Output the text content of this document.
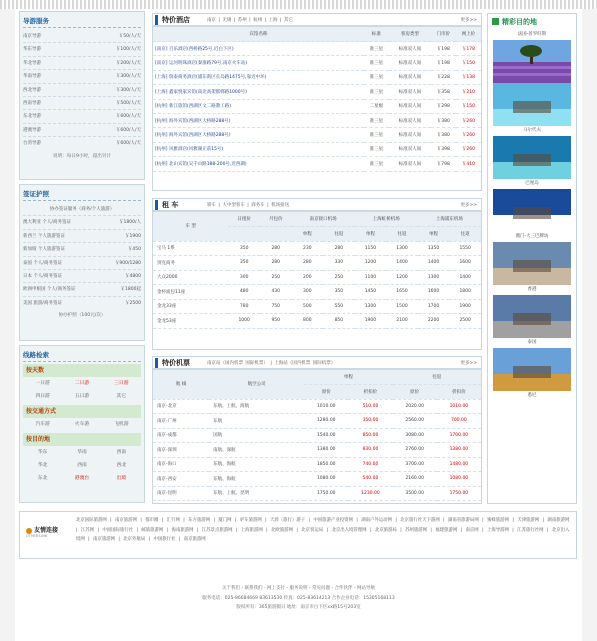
导游服务
南京导游	￥50/人/天
华东导游	￥100/人/天
华北导游	￥200/人/天
华南导游	￥300/人/天
西北导游	￥300/人/天
西南导游	￥500/人/天
东北导游	￥600/人/天
港澳导游	￥600/人/天
台湾导游	￥600/人/天
说明：每日9小时，超出另计
签证护照
协办签证服务（商务/个人旅游）
澳大利亚 个人/商务签证	￥1800/人
新西兰 个人旅游签证	￥1900
新加坡 个人旅游签证	￥450
泰国 个人/商务签证	￥900/1280
日本 个人/商务签证	￥4800
欧洲申根国 个人/商务签证	￥1800起
美国 旅游/商务签证	￥2500
协办护照（100元/次）
线路检索
按天数
一日游	二日游	三日游
四日游	五日游	其它
按交通方式
汽车游	火车游	飞机游
按目的地
华东	华南	西南
华北	西南	西北
东北	港澳台	出境
特价酒店	南京 | 无锡 | 苏州 | 杭州 | 上海 | 其它	更多>>
宾馆名称	标准	客房类型	门市价	网上价
[南京] 百乐酒店(西桥路25号,近白下区)	准三星	标准双人间	￥198	￥178
[南京] 运河明珠酒店(秦淮路79号,南京火车站)	准三星	标准双人间	￥198	￥150
[上海] 瑞泰商务酒店(浦东新区长岛路1475号,靠近中环)	准三星	标准双人间	￥228	￥138
[上海] 鑫家悦家宾馆(南北高架邯郸路1000号)	准三星	标准双人间	￥358	￥210
[杭州] 新江旅馆(西湖区文二路教工路)	二星级	标准双人间	￥298	￥150
[杭州] 海外宾馆(西湖区大桥路288号)	准三星	标准双人间	￥380	￥260
[杭州] 海外宾馆(西湖区大桥路288号)	准三星	标准双人间	￥380	￥260
[杭州] 风雅酒店(风雅湖正前15号)	准三星	标准双人间	￥398	￥260
[杭州] 北山宾馆(吴千山路188-200号,近西湖)	准三星	标准双人间	￥798	￥410
租 车	轿车 | 大中型客车 | 商务车 | 机场接送	更多>>
车 型	日租价	月包价	南京接口机场		上海虹桥机场		上海浦东机场	
			单程	往返	单程	往返	单程	往返
宝马 1系	350	280	230	280	1150	1300	1350	1550
别克商务	350	280	280	330	1200	1400	1400	1600
大众2000	300	250	200	250	1100	1200	1300	1400
金杯面包11座	480	430	300	350	1450	1650	1600	1800
金龙33座	780	750	500	550	1300	1500	1700	1900
金龙53座	1000	950	800	850	1900	2100	2200	2500
特价机票	南京站（国内机票 国际机票） | 上海站（国内机票 国际机票）	更多>>
航 线	航空公司	单程		往返	
		原价	折扣价	原价	折扣价
南京-北京	东航、上航、海航	1010.00	510.00	2020.00	1010.00
南京-广州	东航	1280.00	350.00	2560.00	700.00
南京-成都	国航	1540.00	850.00	3080.00	1700.00
南京-深圳	南航、深航	1380.00	830.00	2760.00	1380.00
南京-海口	东航、海航	1850.00	740.00	3700.00	1480.00
南京-西安	东航、海航	1080.00	540.00	2160.00	1080.00
南京-昆明	东航、上航、昆明	1750.00	1230.00	3500.00	1750.00
精彩目的地
法国-普罗旺斯
马尔代夫
巴厘岛
澳门-大三巴牌坊
香港
泰国
悉尼
友情连接
OTHER LINK
北京国际旅游网 | 南京旅游网 | 都市圈 | 汇行网 | 东方旅游网 | 厦门网 | 驴车旅游网 | 天涯（旅行）游子 | 中国旅游产业投资网 | 湖南户外运动网 | 北京旅行社天下游网 | 湖南省旅游局网 | 蜜蜂旅游网 | 天津旅游网 | 湖南旅游网 | 江苏网 | 中国国际旅行社 | 邮旅旅游网 | 海南旅游网 | 江苏景点旅游网 | 上海旅游网 | 北欧旅游网 | 北京客运局 | 北京出入境管理网 | 北京旅游局 | 苏州旅游网 | 福建旅游网 | 南京网 | 上海导游网 | 江苏旅行社网 | 北京出入境网 | 南京旅游网 | 北京外航局 | 中国旅行社 | 南京旅游网
关于我们 - 联系我们 - 网上支付 - 服务说明 - 常见问题 - 合作伙伴 - 网站导航
服务电话：025-86684669 83613530 传真：025-83614213 合作企业电话：15305168113
版权所有：365旅游假日 地址：南京市白下区xx路15号203室
